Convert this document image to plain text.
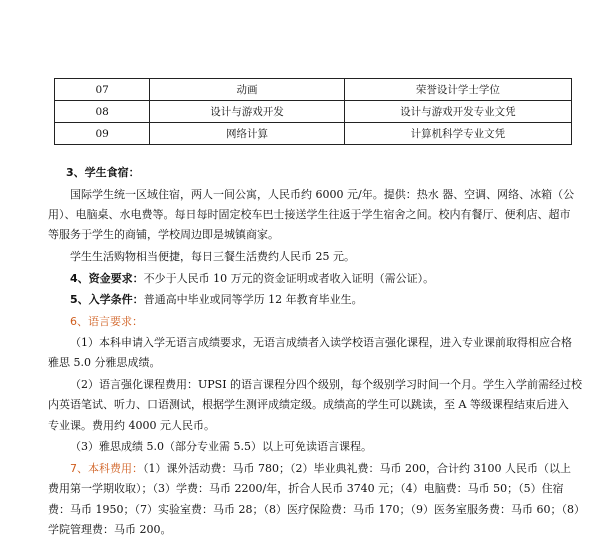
07	动画	荣誉设计学士学位
08	设计与游戏开发	设计与游戏开发专业文凭
09	网络计算	计算机科学专业文凭
3、学生食宿：
国际学生统一区域住宿，两人一间公寓，人民币约 6000 元/年。提供：热水 器、空调、网络、冰箱（公
用）、电脑桌、水电费等。每日每时固定校车巴士接送学生往返于学生宿舍之间。校内有餐厅、便利店、超市
等服务于学生的商铺，学校周边即是城镇商家。
学生生活购物相当便捷，每日三餐生活费约人民币 25 元。
4、资金要求：不少于人民币 10 万元的资金证明或者收入证明（需公证）。
5、入学条件：普通高中毕业或同等学历 12 年教育毕业生。
6、语言要求：
（1）本科申请入学无语言成绩要求，无语言成绩者入读学校语言强化课程，进入专业课前取得相应合格
雅思 5.0 分雅思成绩。
（2）语言强化课程费用：UPSI 的语言课程分四个级别，每个级别学习时间一个月。学生入学前需经过校
内英语笔试、听力、口语测试，根据学生测评成绩定级。成绩高的学生可以跳读，至 A 等级课程结束后进入
专业课。费用约 4000 元人民币。
（3）雅思成绩 5.0（部分专业需 5.5）以上可免读语言课程。
7、本科费用：（1）课外活动费：马币 780；（2）毕业典礼费：马币 200，合计约 3100 人民币（以上
费用第一学期收取）；（3）学费：马币 2200/年，折合人民币 3740 元；（4）电脑费：马币 50；（5）住宿
费：马币 1950；（7）实验室费：马币 28；（8）医疗保险费：马币 170；（9）医务室服务费：马币 60；（8）
学院管理费：马币 200。
